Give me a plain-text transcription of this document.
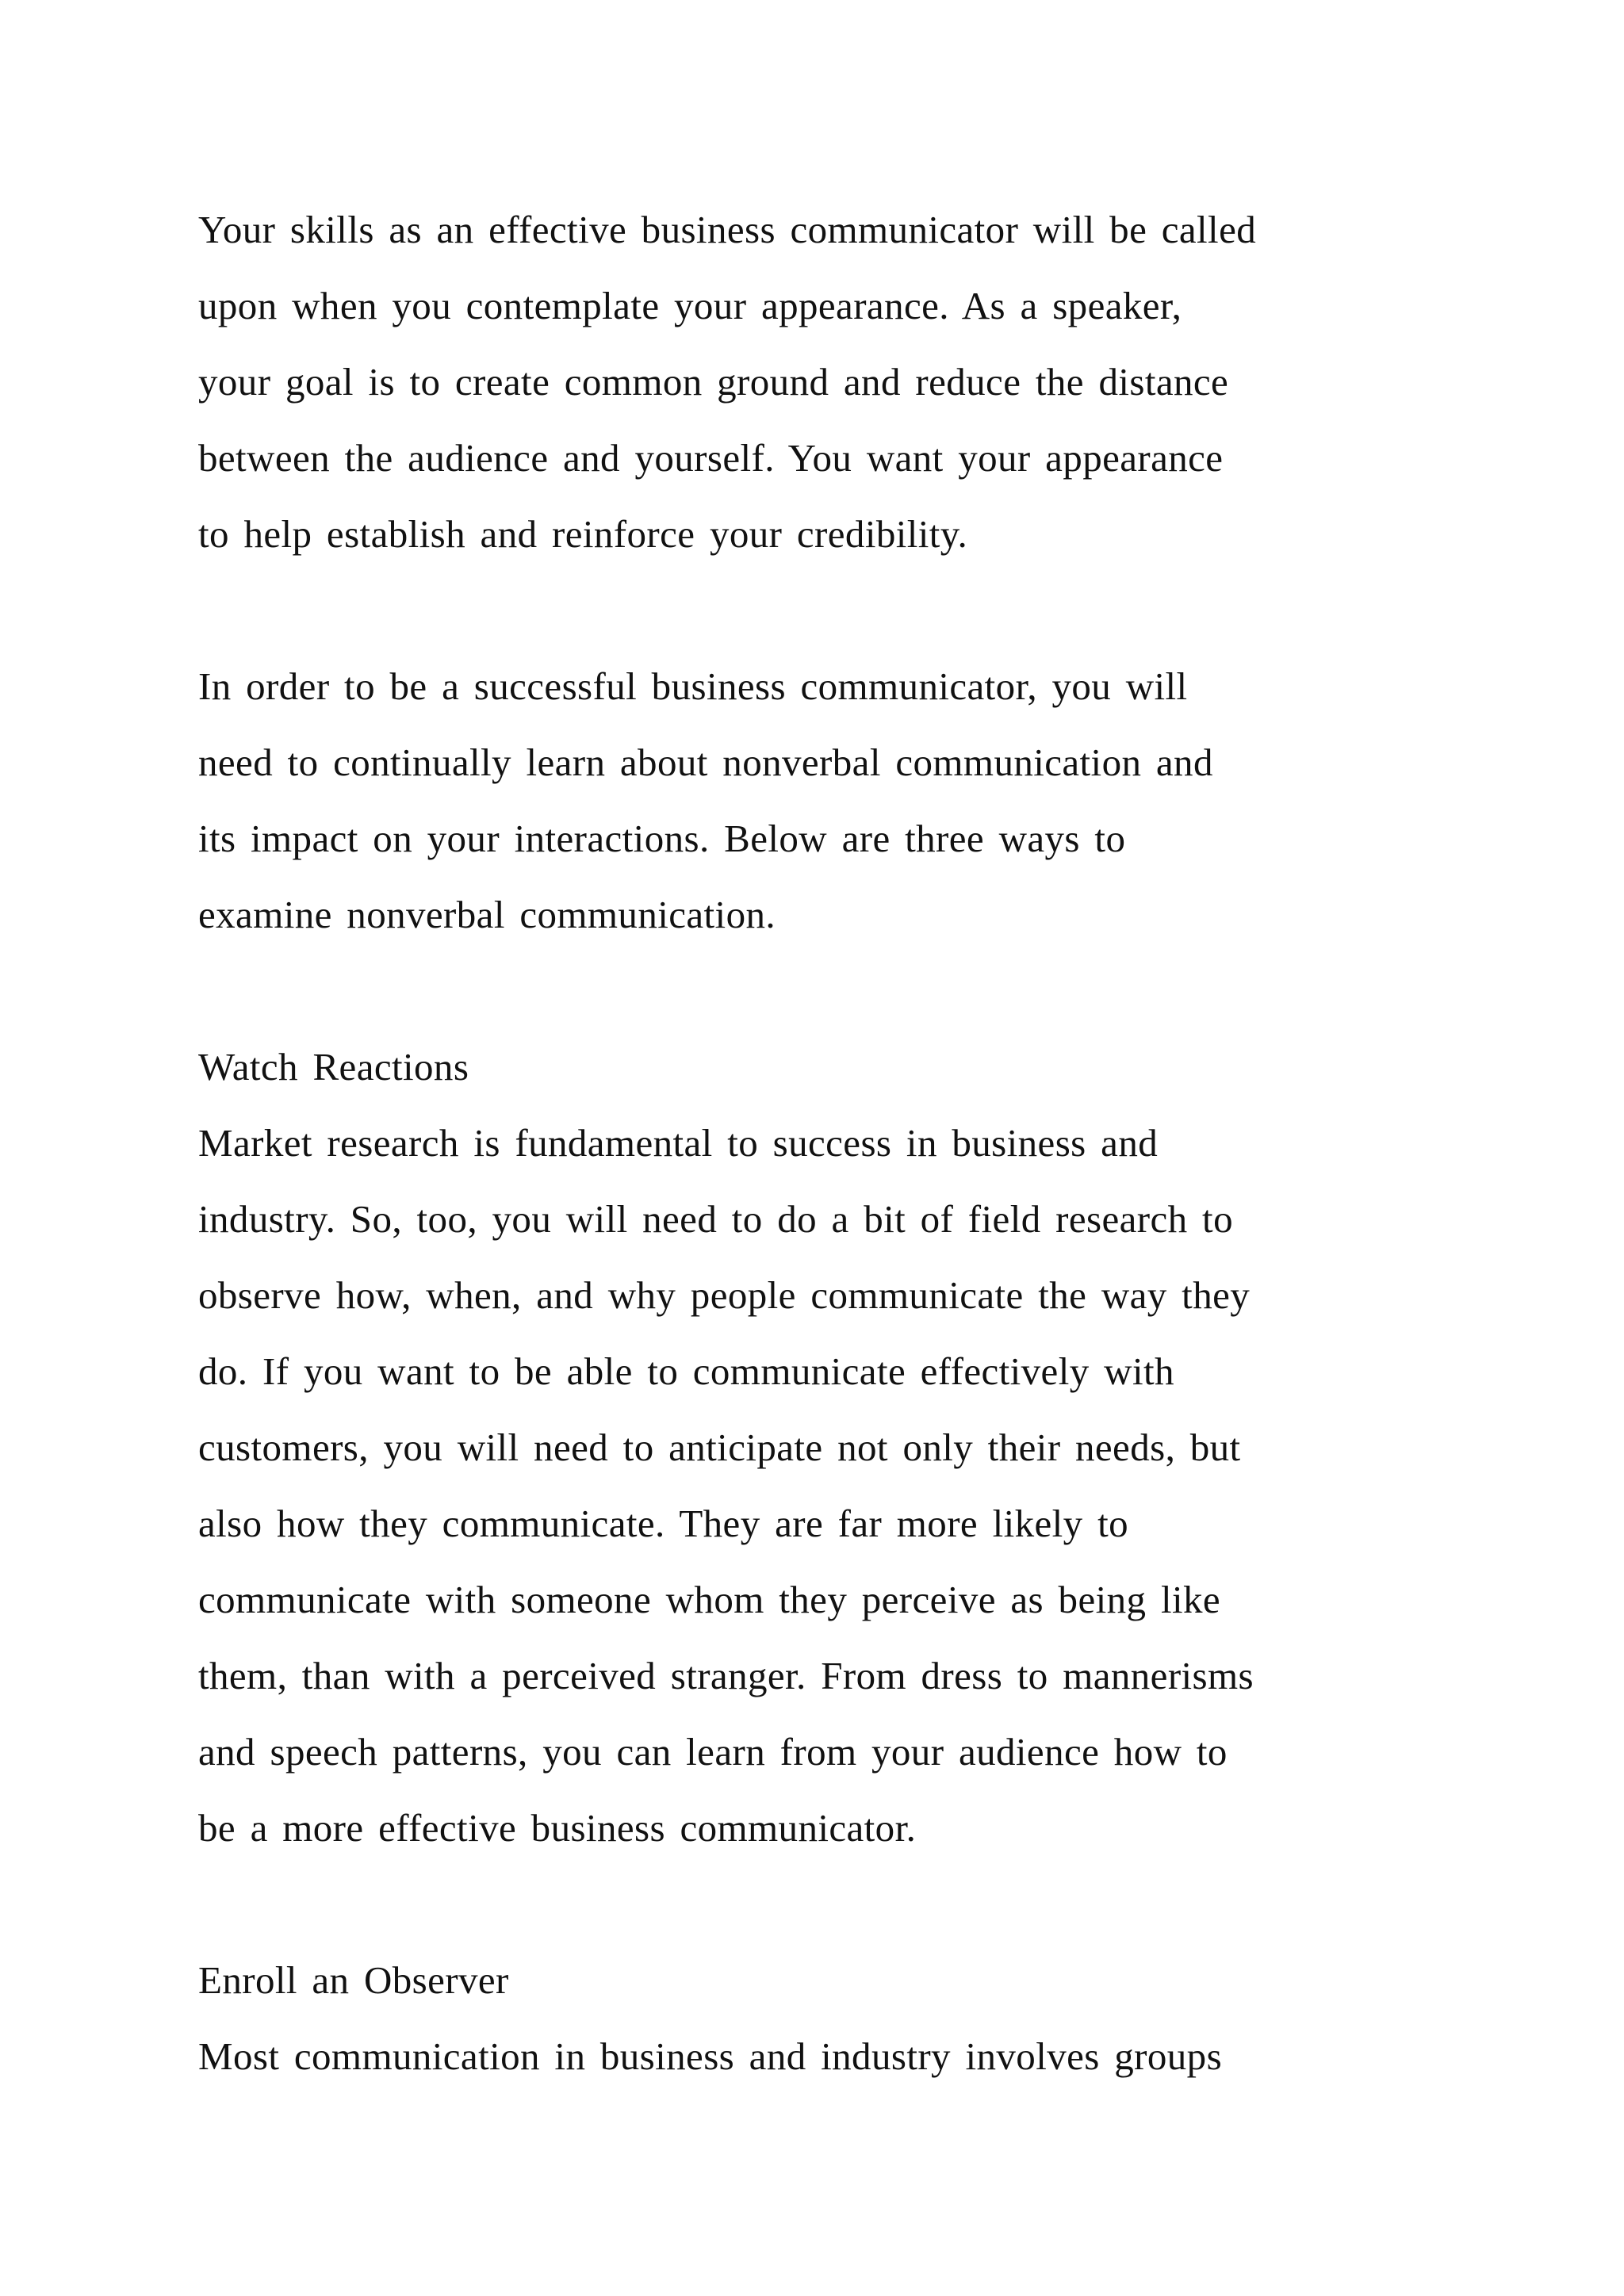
Your skills as an effective business communicator will be called
upon when you contemplate your appearance. As a speaker,
your goal is to create common ground and reduce the distance
between the audience and yourself. You want your appearance
to help establish and reinforce your credibility.
In order to be a successful business communicator, you will
need to continually learn about nonverbal communication and
its impact on your interactions. Below are three ways to
examine nonverbal communication.
Watch Reactions
Market research is fundamental to success in business and
industry. So, too, you will need to do a bit of field research to
observe how, when, and why people communicate the way they
do. If you want to be able to communicate effectively with
customers, you will need to anticipate not only their needs, but
also how they communicate. They are far more likely to
communicate with someone whom they perceive as being like
them, than with a perceived stranger. From dress to mannerisms
and speech patterns, you can learn from your audience how to
be a more effective business communicator.
Enroll an Observer
Most communication in business and industry involves groups
